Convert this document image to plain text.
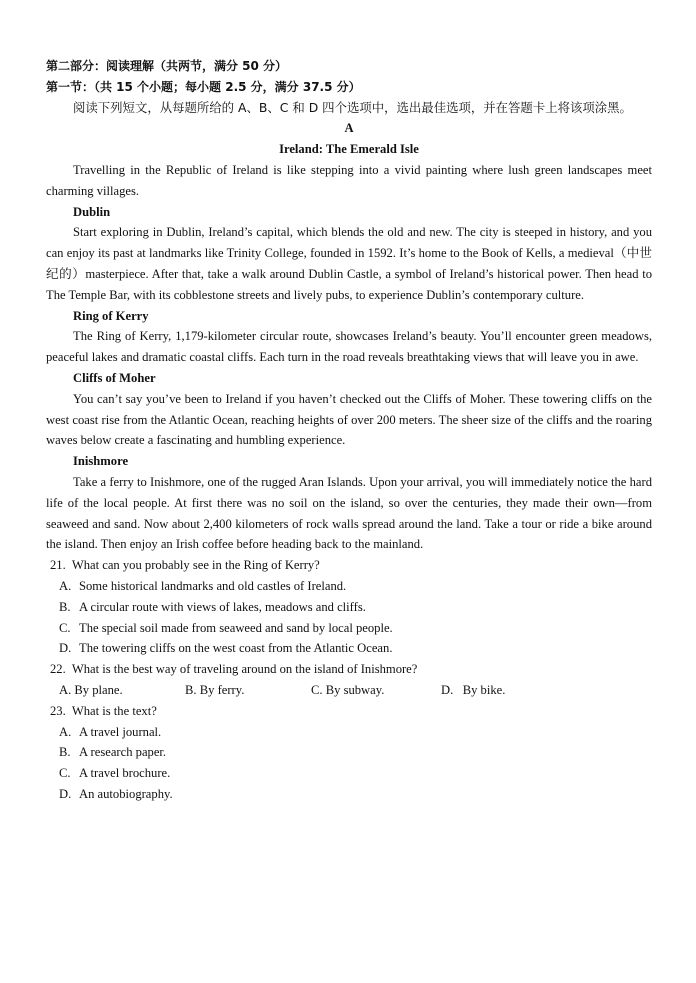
第二部分：阅读理解（共两节，满分 50 分）

第一节：（共 15 个小题；每小题 2.5 分，满分 37.5 分）

阅读下列短文，从每题所给的 A、B、C 和 D 四个选项中，选出最佳选项，并在答题卡上将该项涂黑。

A

Ireland: The Emerald Isle

Travelling in the Republic of Ireland is like stepping into a vivid painting where lush green landscapes meet charming villages.

Dublin

Start exploring in Dublin, Ireland’s capital, which blends the old and new. The city is steeped in history, and you can enjoy its past at landmarks like Trinity College, founded in 1592. It’s home to the Book of Kells, a medieval（中世纪的）masterpiece. After that, take a walk around Dublin Castle, a symbol of Ireland’s historical power. Then head to The Temple Bar, with its cobblestone streets and lively pubs, to experience Dublin’s contemporary culture.

Ring of Kerry

The Ring of Kerry, 1,179-kilometer circular route, showcases Ireland’s beauty. You’ll encounter green meadows, peaceful lakes and dramatic coastal cliffs. Each turn in the road reveals breathtaking views that will leave you in awe.

Cliffs of Moher

You can’t say you’ve been to Ireland if you haven’t checked out the Cliffs of Moher. These towering cliffs on the west coast rise from the Atlantic Ocean, reaching heights of over 200 meters. The sheer size of the cliffs and the roaring waves below create a fascinating and humbling experience.

Inishmore

Take a ferry to Inishmore, one of the rugged Aran Islands. Upon your arrival, you will immediately notice the hard life of the local people. At first there was no soil on the island, so over the centuries, they made their own—from seaweed and sand. Now about 2,400 kilometers of rock walls spread around the land. Take a tour or ride a bike around the island. Then enjoy an Irish coffee before heading back to the mainland.

21. What can you probably see in the Ring of Kerry?

A. Some historical landmarks and old castles of Ireland.

B. A circular route with views of lakes, meadows and cliffs.

C. The special soil made from seaweed and sand by local people.

D. The towering cliffs on the west coast from the Atlantic Ocean.

22. What is the best way of traveling around on the island of Inishmore?

A. By plane.	B. By ferry.	C. By subway.	D. By bike.

23. What is the text?

A. A travel journal.

B. A research paper.

C. A travel brochure.

D. An autobiography.
